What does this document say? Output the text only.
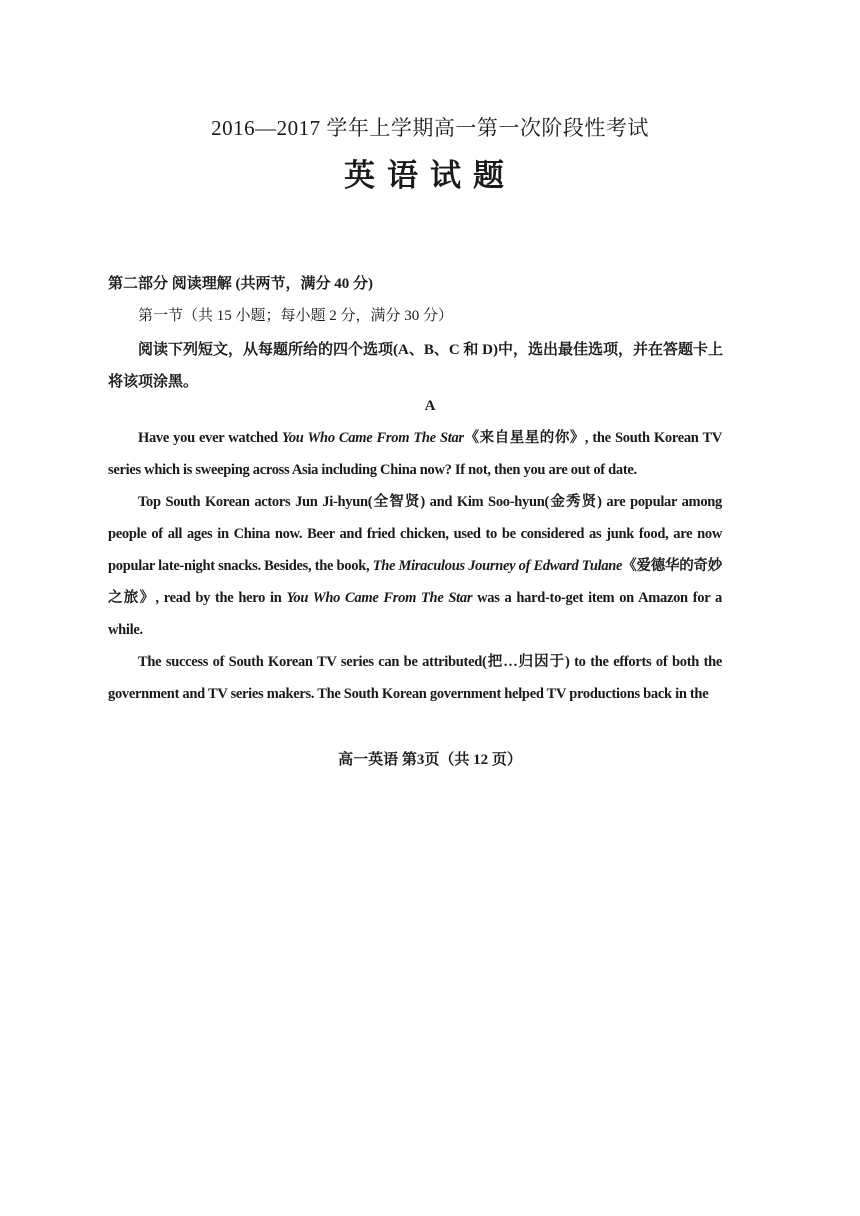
2016—2017 学年上学期高一第一次阶段性考试
英语试题
第二部分 阅读理解 (共两节，满分 40 分)
第一节（共 15 小题；每小题 2 分，满分 30 分）

阅读下列短文，从每题所给的四个选项(A、B、C 和 D)中，选出最佳选项，并在答题卡上将该项涂黑。

A

Have you ever watched You Who Came From The Star《来自星星的你》, the South Korean TV series which is sweeping across Asia including China now? If not, then you are out of date.

Top South Korean actors Jun Ji-hyun(全智贤) and Kim Soo-hyun(金秀贤) are popular among people of all ages in China now. Beer and fried chicken, used to be considered as junk food, are now popular late-night snacks. Besides, the book, The Miraculous Journey of Edward Tulane《爱德华的奇妙之旅》, read by the hero in You Who Came From The Star was a hard-to-get item on Amazon for a while.

The success of South Korean TV series can be attributed(把…归因于) to the efforts of both the government and TV series makers. The South Korean government helped TV productions back in the

高一英语 第3页（共 12 页）
